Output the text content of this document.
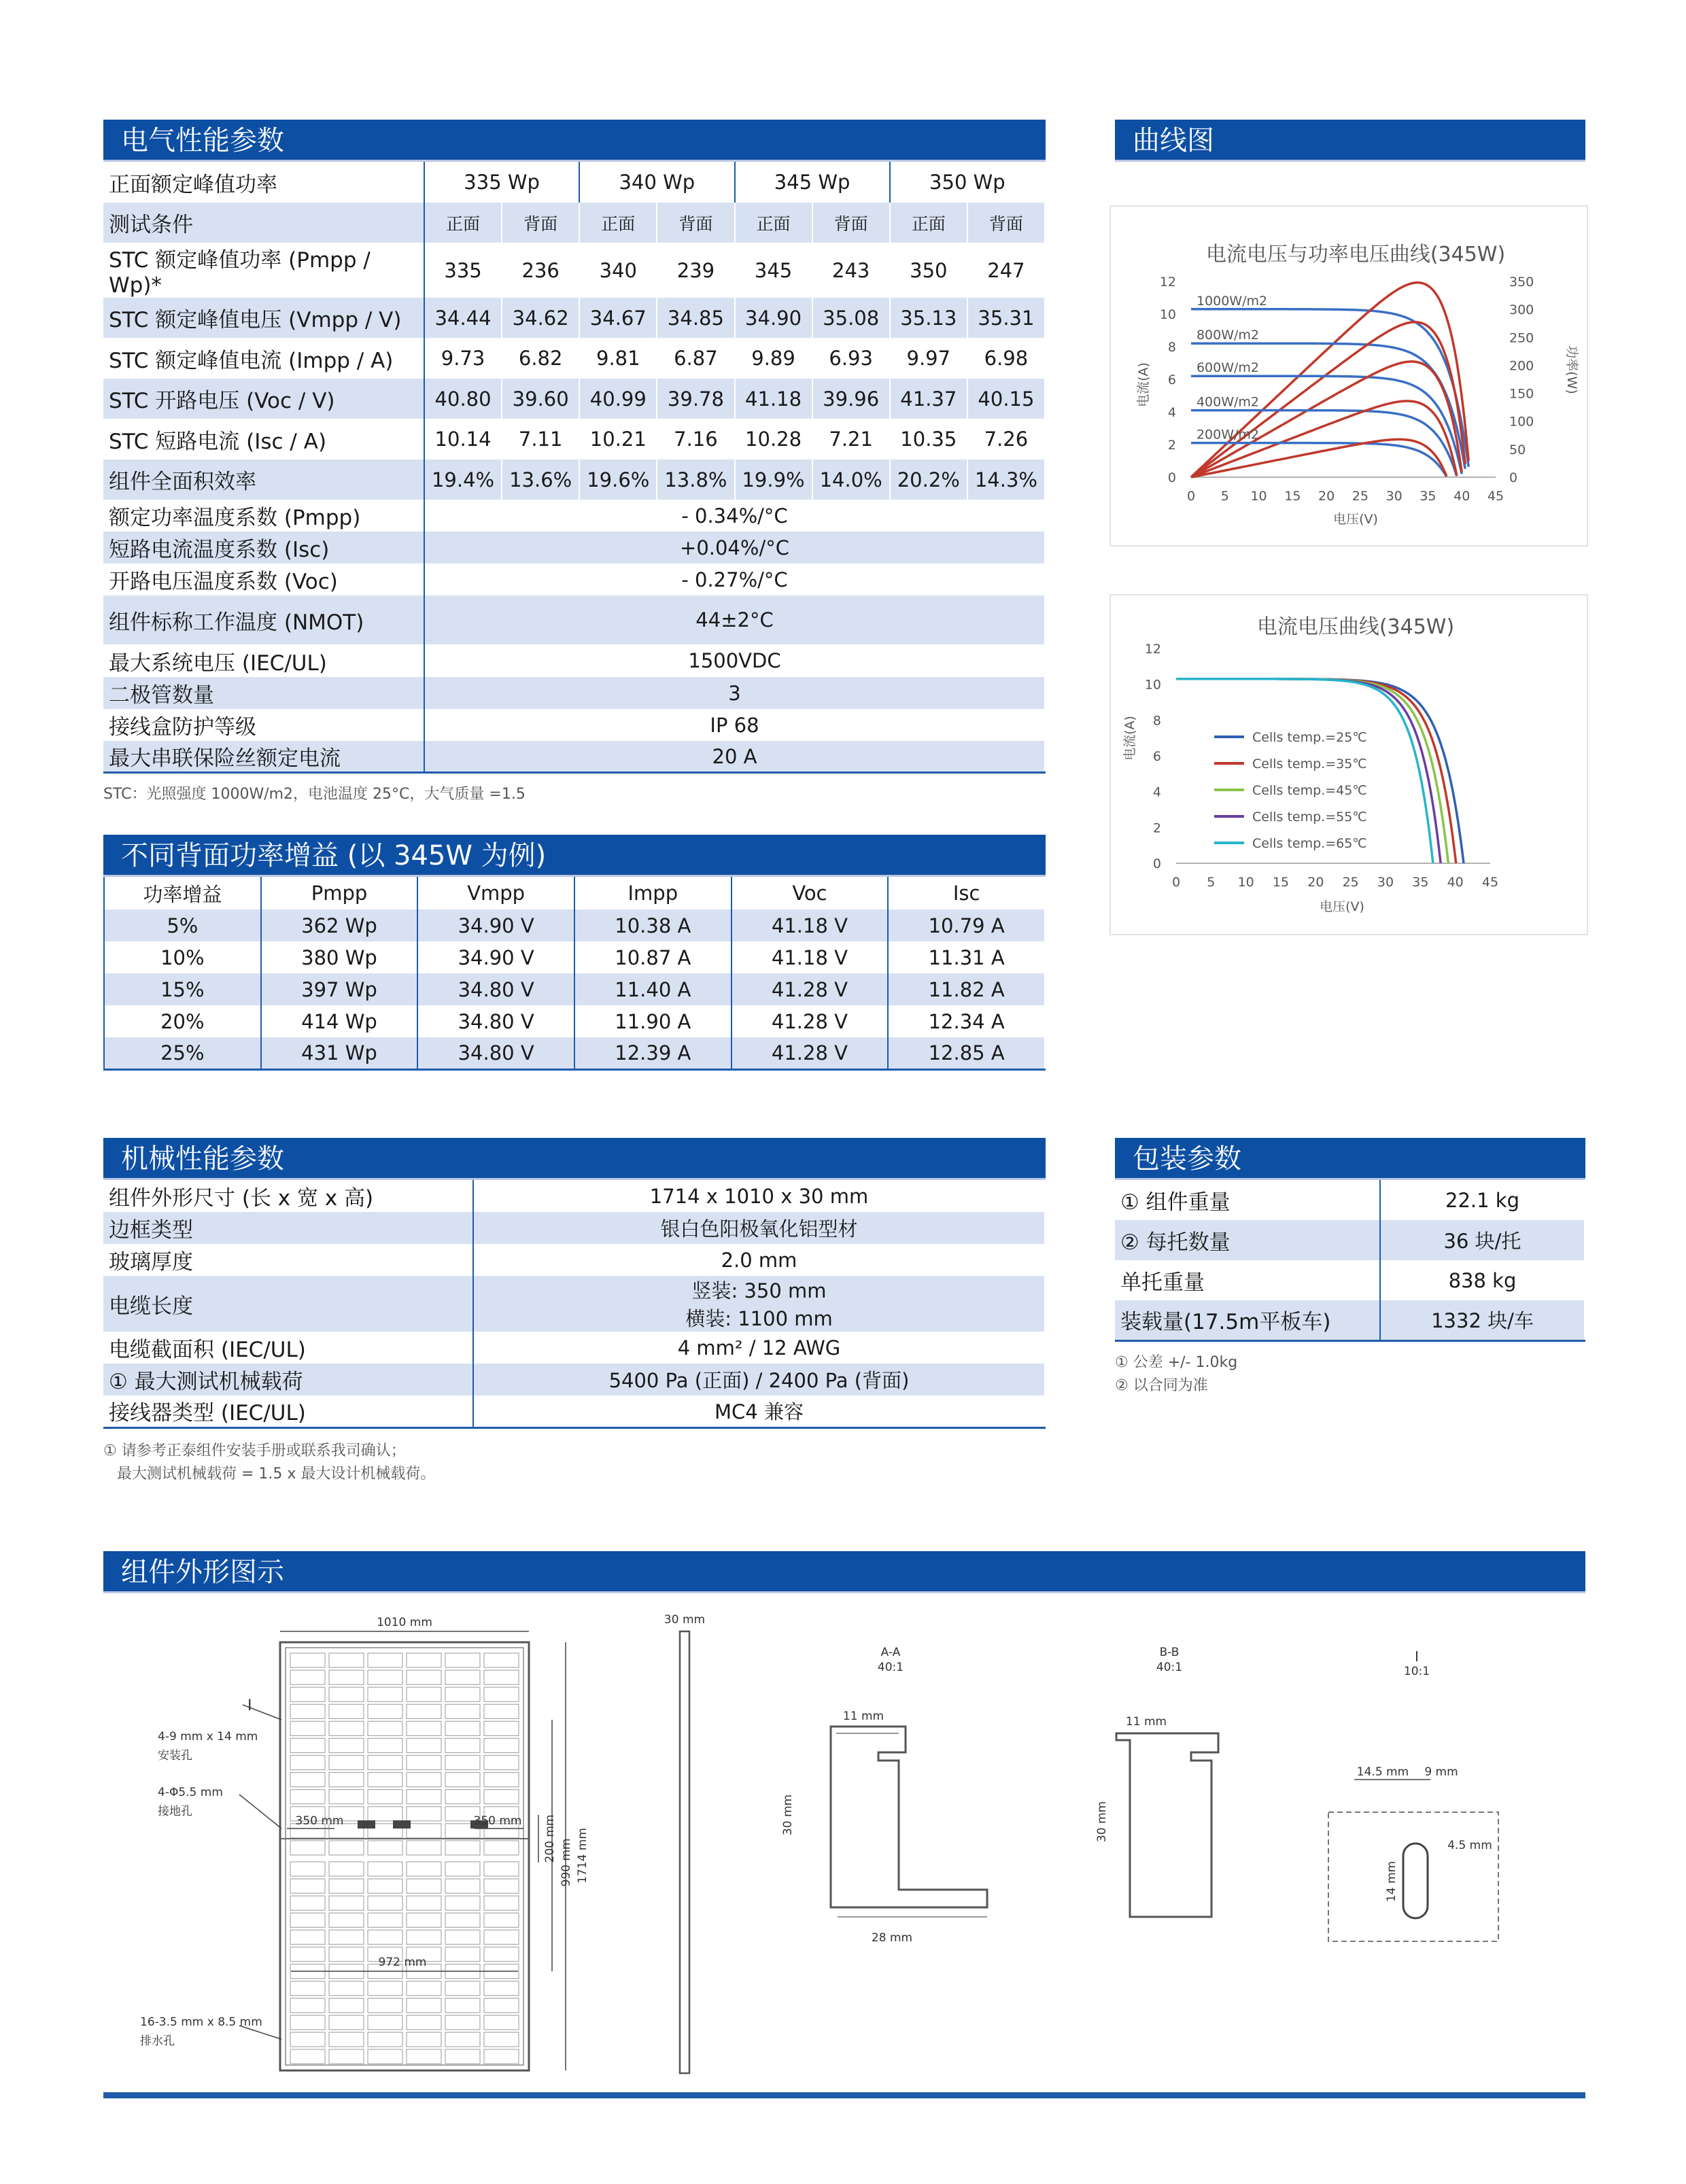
电气性能参数
正面额定峰值功率	335 Wp		340 Wp		345 Wp		350 Wp	
测试条件	正面	背面	正面	背面	正面	背面	正面	背面
STC 额定峰值功率 (Pmpp / Wp)*	335	236	340	239	345	243	350	247
STC 额定峰值电压 (Vmpp / V)	34.44	34.62	34.67	34.85	34.90	35.08	35.13	35.31
STC 额定峰值电流 (Impp / A)	9.73	6.82	9.81	6.87	9.89	6.93	9.97	6.98
STC 开路电压 (Voc / V)	40.80	39.60	40.99	39.78	41.18	39.96	41.37	40.15
STC 短路电流 (Isc / A)	10.14	7.11	10.21	7.16	10.28	7.21	10.35	7.26
组件全面积效率	19.4%	13.6%	19.6%	13.8%	19.9%	14.0%	20.2%	14.3%
额定功率温度系数 (Pmpp)	- 0.34%/°C							
短路电流温度系数 (Isc)	+0.04%/°C							
开路电压温度系数 (Voc)	- 0.27%/°C							
组件标称工作温度 (NMOT)	44±2°C							
最大系统电压 (IEC/UL)	1500VDC							
二极管数量	3							
接线盒防护等级	IP 68							
最大串联保险丝额定电流	20 A							
STC：光照强度 1000W/m2，电池温度 25°C，大气质量 =1.5
不同背面功率增益 (以 345W 为例)
功率增益	Pmpp	Vmpp	Impp	Voc	Isc
5%	362 Wp	34.90 V	10.38 A	41.18 V	10.79 A
10%	380 Wp	34.90 V	10.87 A	41.18 V	11.31 A
15%	397 Wp	34.80 V	11.40 A	41.28 V	11.82 A
20%	414 Wp	34.80 V	11.90 A	41.28 V	12.34 A
25%	431 Wp	34.80 V	12.39 A	41.28 V	12.85 A
曲线图
电流电压与功率电压曲线(345W)
电流(A)	功率(W)
电压(V)
0 5 10 15 20 25 30 35 40 45
0
2
4
6
8
10
12
0
50
100
150
200
250
300
350
1000W/m2
800W/m2
600W/m2
400W/m2
200W/m2
电流电压曲线(345W)
电流(A)
电压(V)
0 5 10 15 20 25 30 35 40 45
0
2
4
6
8
10
12
Cells temp.=25℃
Cells temp.=35℃
Cells temp.=45℃
Cells temp.=55℃
Cells temp.=65℃
机械性能参数
组件外形尺寸 (长 x 宽 x 高)	1714 x 1010 x 30 mm
边框类型	银白色阳极氧化铝型材
玻璃厚度	2.0 mm
电缆长度	竖装: 350 mm
横装: 1100 mm

电缆截面积 (IEC/UL)	4 mm² / 12 AWG
① 最大测试机械载荷	5400 Pa (正面) / 2400 Pa (背面)
接线器类型 (IEC/UL)	MC4 兼容
① 请参考正泰组件安装手册或联系我司确认；
最大测试机械载荷 = 1.5 x 最大设计机械载荷。
包装参数
① 组件重量	22.1 kg
② 每托数量	36 块/托
单托重量	838 kg
装载量(17.5m平板车)	1332 块/车
① 公差 +/- 1.0kg
② 以合同为准
组件外形图示
1010 mm
1714 mm
990 mm
200 mm
972 mm
350 mm	350 mm
I
4-9 mm x 14 mm
安装孔
4-Φ5.5 mm
接地孔
16-3.5 mm x 8.5 mm
排水孔
30 mm
A-A
40:1
11 mm
30 mm
28 mm
B-B
40:1
11 mm
30 mm
I
10:1
14.5 mm 9 mm
4.5 mm
14 mm
